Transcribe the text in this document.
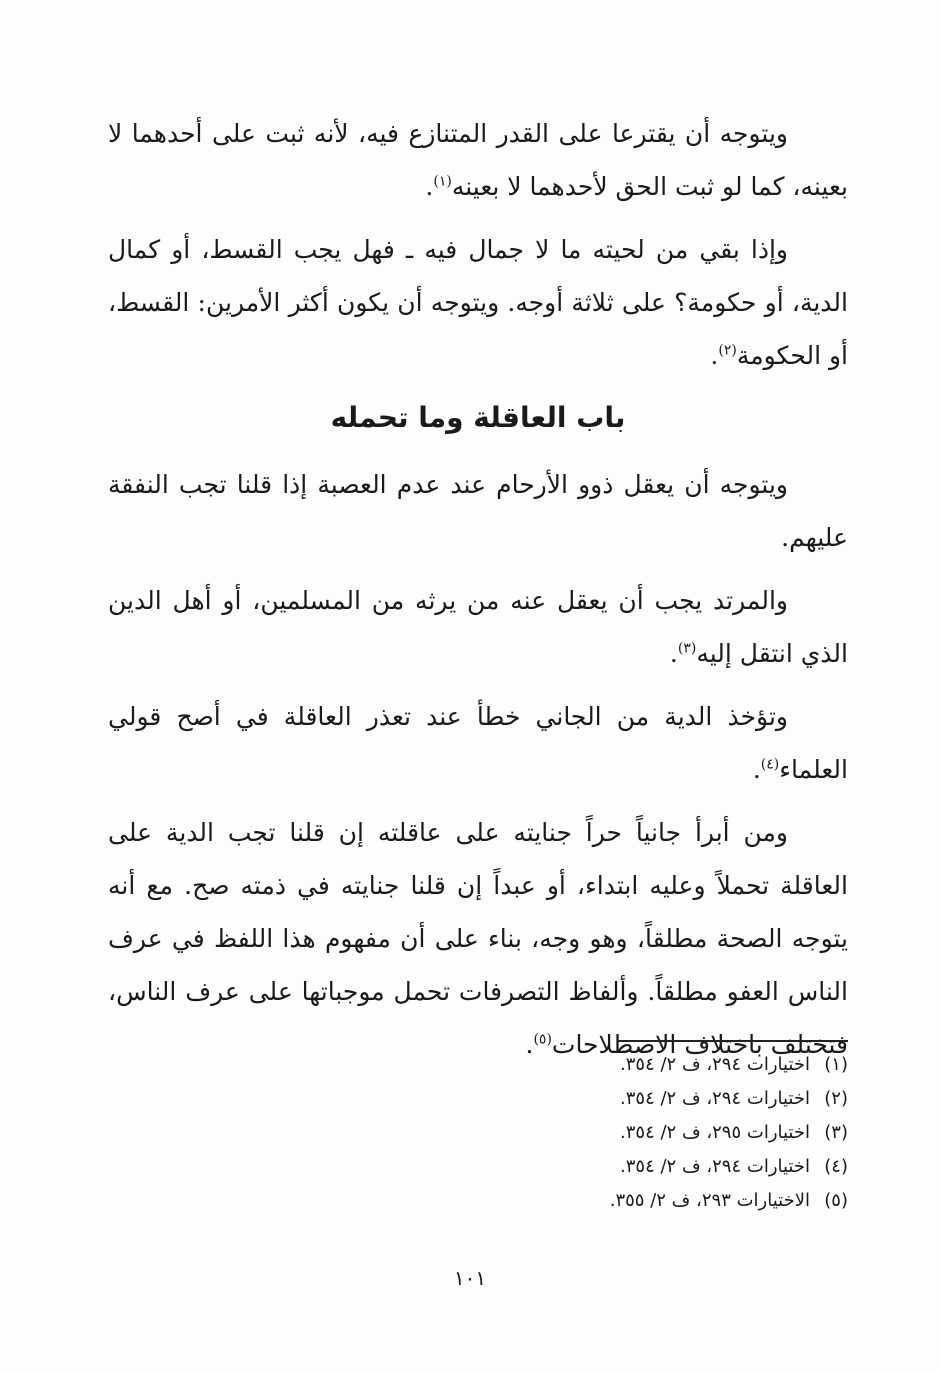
ويتوجه أن يقترعا على القدر المتنازع فيه، لأنه ثبت على أحدهما لا بعينه، كما لو ثبت الحق لأحدهما لا بعينه$^{(١)}$.

وإذا بقي من لحيته ما لا جمال فيه ـ فهل يجب القسط، أو كمال الدية، أو حكومة؟ على ثلاثة أوجه. ويتوجه أن يكون أكثر الأمرين: القسط، أو الحكومة$^{(٢)}$.

باب العاقلة وما تحمله

ويتوجه أن يعقل ذوو الأرحام عند عدم العصبة إذا قلنا تجب النفقة عليهم.

والمرتد يجب أن يعقل عنه من يرثه من المسلمين، أو أهل الدين الذي انتقل إليه$^{(٣)}$.

وتؤخذ الدية من الجاني خطأ عند تعذر العاقلة في أصح قولي العلماء$^{(٤)}$.

ومن أبرأ جانياً حراً جنايته على عاقلته إن قلنا تجب الدية على العاقلة تحملاً وعليه ابتداء، أو عبداً إن قلنا جنايته في ذمته صح. مع أنه يتوجه الصحة مطلقاً، وهو وجه، بناء على أن مفهوم هذا اللفظ في عرف الناس العفو مطلقاً. وألفاظ التصرفات تحمل موجباتها على عرف الناس، فتختلف باختلاف الاصطلاحات$^{(٥)}$.

(١)اختيارات ٢٩٤، ف ٢/ ٣٥٤.
(٢)اختيارات ٢٩٤، ف ٢/ ٣٥٤.
(٣)اختيارات ٢٩٥، ف ٢/ ٣٥٤.
(٤)اختيارات ٢٩٤، ف ٢/ ٣٥٤.
(٥)الاختيارات ٢٩٣، ف ٢/ ٣٥٥.
١٠١
